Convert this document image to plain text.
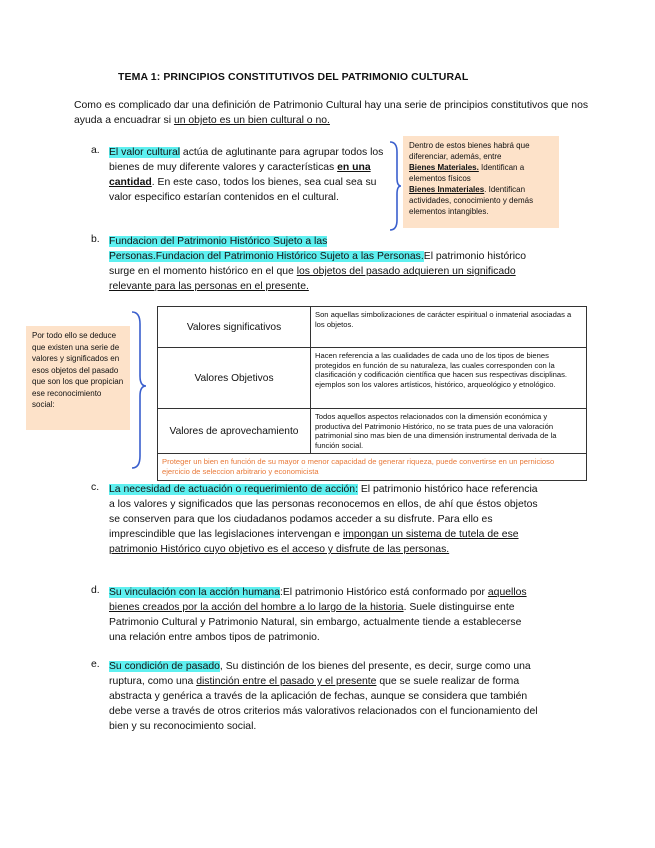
TEMA 1: PRINCIPIOS CONSTITUTIVOS DEL PATRIMONIO CULTURAL
Como es complicado dar una definición de Patrimonio Cultural hay una serie de principios constitutivos que nos ayuda a encuadrar si un objeto es un bien cultural o no.
a. El valor cultural actúa de aglutinante para agrupar todos los bienes de muy diferente valores y características en una cantidad. En este caso, todos los bienes, sea cual sea su valor especifico estarían contenidos en el cultural.
Dentro de estos bienes habrá que diferenciar, además, entre
Bienes Materiales. Identifican a elementos físicos
Bienes Inmateriales. Identifican actividades, conocimiento y demás elementos intangibles.
b. Fundacion del Patrimonio Histórico Sujeto a las
Personas.Fundacion del Patrimonio Histórico Sujeto a las Personas.El patrimonio histórico surge en el momento histórico en el que los objetos del pasado adquieren un significado relevante para las personas en el presente.
Por todo ello se deduce que existen una serie de valores y significados en esos objetos del pasado que son los que propician ese reconocimiento social:
Valores significativos	Son aquellas simbolizaciones de carácter espiritual o inmaterial asociadas a los objetos.
Valores Objetivos	Hacen referencia a las cualidades de cada uno de los tipos de bienes protegidos en función de su naturaleza, las cuales corresponden con la clasificación y codificación científica que hacen sus respectivas disciplinas. ejemplos son los valores artísticos, histórico, arqueológico y etnológico.
Valores de aprovechamiento	Todos aquellos aspectos relacionados con la dimensión económica y productiva del Patrimonio Histórico, no se trata pues de una valoración patrimonial sino mas bien de una dimensión instrumental derivada de la función social.
Proteger un bien en función de su mayor o menor capacidad de generar riqueza, puede convertirse en un pernicioso ejercicio de seleccion arbitrario y economicista	
c. La necesidad de actuación o requerimiento de acción: El patrimonio histórico hace referencia a los valores y significados que las personas reconocemos en ellos, de ahí que éstos objetos se conserven para que los ciudadanos podamos acceder a su disfrute. Para ello es imprescindible que las legislaciones intervengan e impongan un sistema de tutela de ese patrimonio Histórico cuyo objetivo es el acceso y disfrute de las personas.
d. Su vinculación con la acción humana:El patrimonio Histórico está conformado por aquellos bienes creados por la acción del hombre a lo largo de la historia. Suele distinguirse ente Patrimonio Cultural y Patrimonio Natural, sin embargo, actualmente tiende a establecerse una relación entre ambos tipos de patrimonio.
e. Su condición de pasado, Su distinción de los bienes del presente, es decir, surge como una ruptura, como una distinción entre el pasado y el presente que se suele realizar de forma abstracta y genérica a través de la aplicación de fechas, aunque se considera que también debe verse a través de otros criterios más valorativos relacionados con el funcionamiento del bien y su reconocimiento social.
